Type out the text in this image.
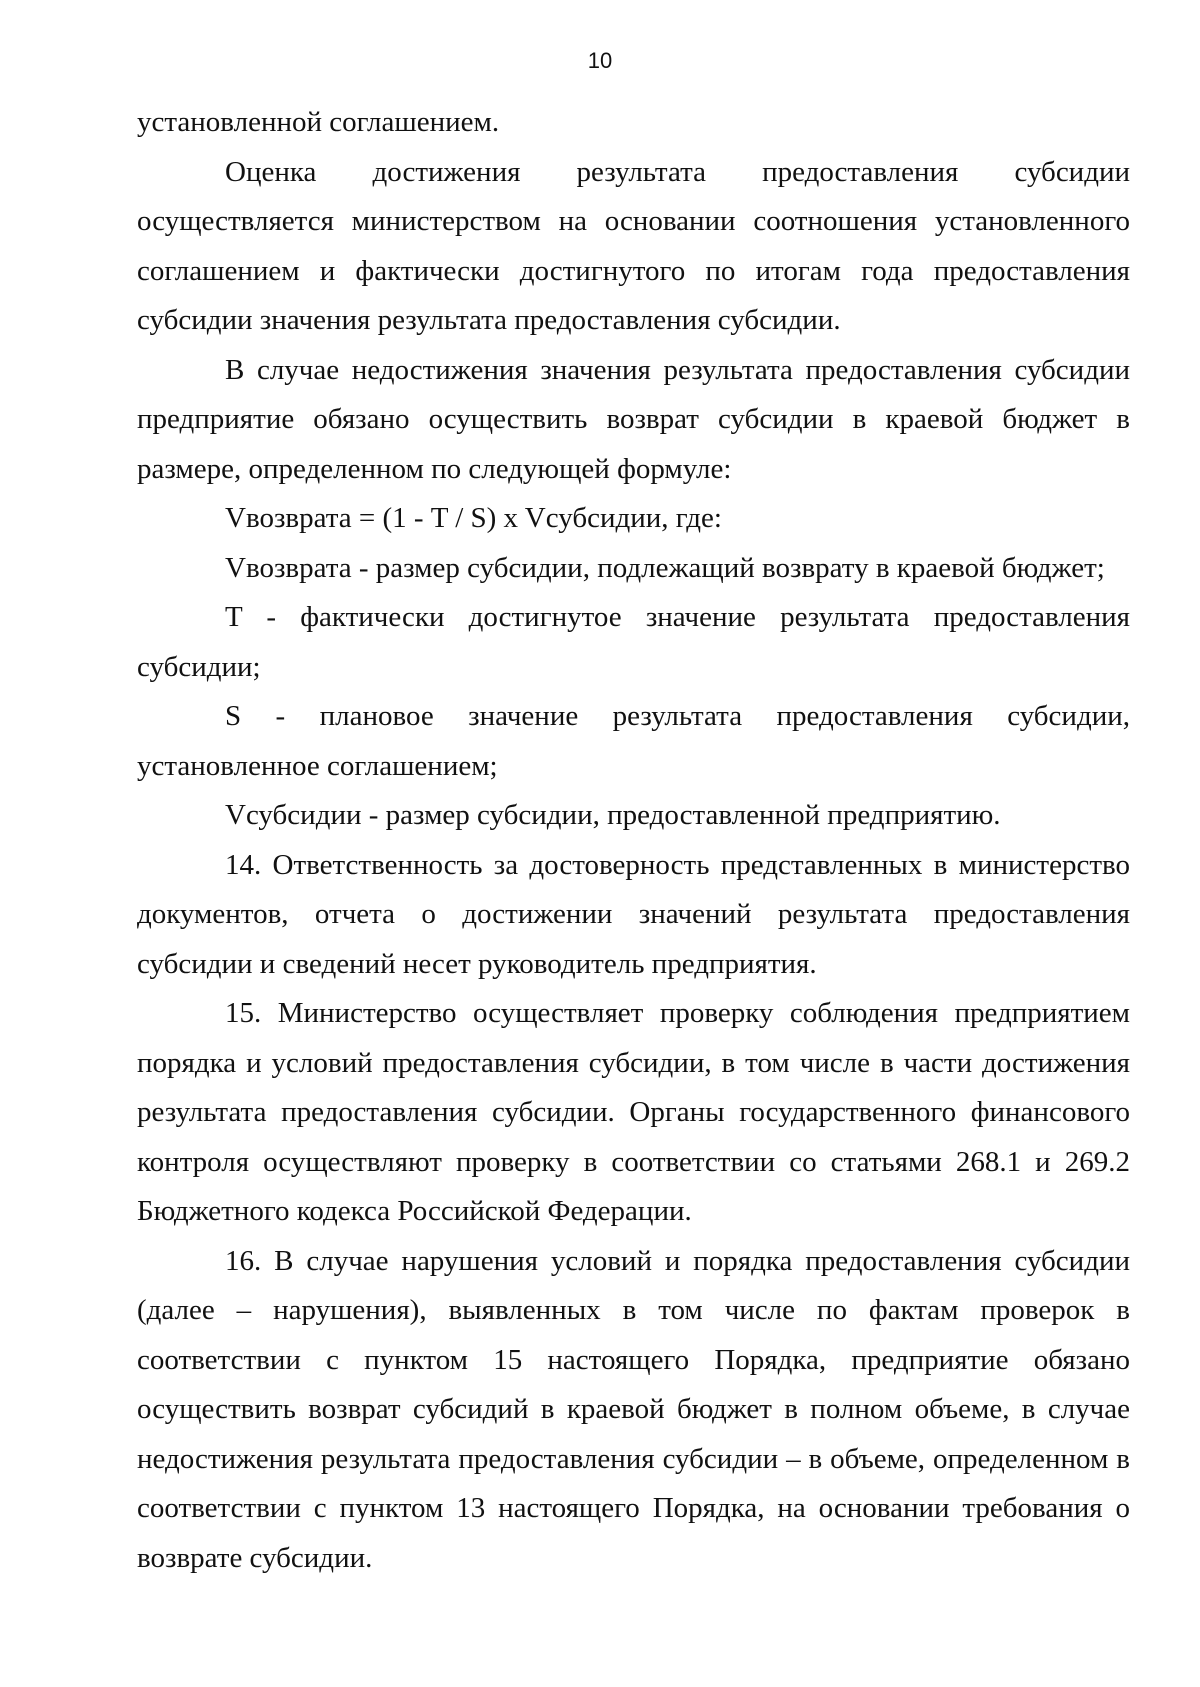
10

установленной соглашением.

Оценка достижения результата предоставления субсидии осуществляется министерством на основании соотношения установленного соглашением и фактически достигнутого по итогам года предоставления субсидии значения результата предоставления субсидии.

В случае недостижения значения результата предоставления субсидии предприятие обязано осуществить возврат субсидии в краевой бюджет в размере, определенном по следующей формуле:

Vвозврата = (1 - T / S) x Vсубсидии, где:

Vвозврата - размер субсидии, подлежащий возврату в краевой бюджет;

T - фактически достигнутое значение результата предоставления субсидии;

S - плановое значение результата предоставления субсидии, установленное соглашением;

Vсубсидии - размер субсидии, предоставленной предприятию.

14. Ответственность за достоверность представленных в министерство документов, отчета о достижении значений результата предоставления субсидии и сведений несет руководитель предприятия.

15. Министерство осуществляет проверку соблюдения предприятием порядка и условий предоставления субсидии, в том числе в части достижения результата предоставления субсидии. Органы государственного финансового контроля осуществляют проверку в соответствии со статьями 268.1 и 269.2 Бюджетного кодекса Российской Федерации.

16. В случае нарушения условий и порядка предоставления субсидии (далее – нарушения), выявленных в том числе по фактам проверок в соответствии с пунктом 15 настоящего Порядка, предприятие обязано осуществить возврат субсидий в краевой бюджет в полном объеме, в случае недостижения результата предоставления субсидии – в объеме, определенном в соответствии с пунктом 13 настоящего Порядка, на основании требования о возврате субсидии.
